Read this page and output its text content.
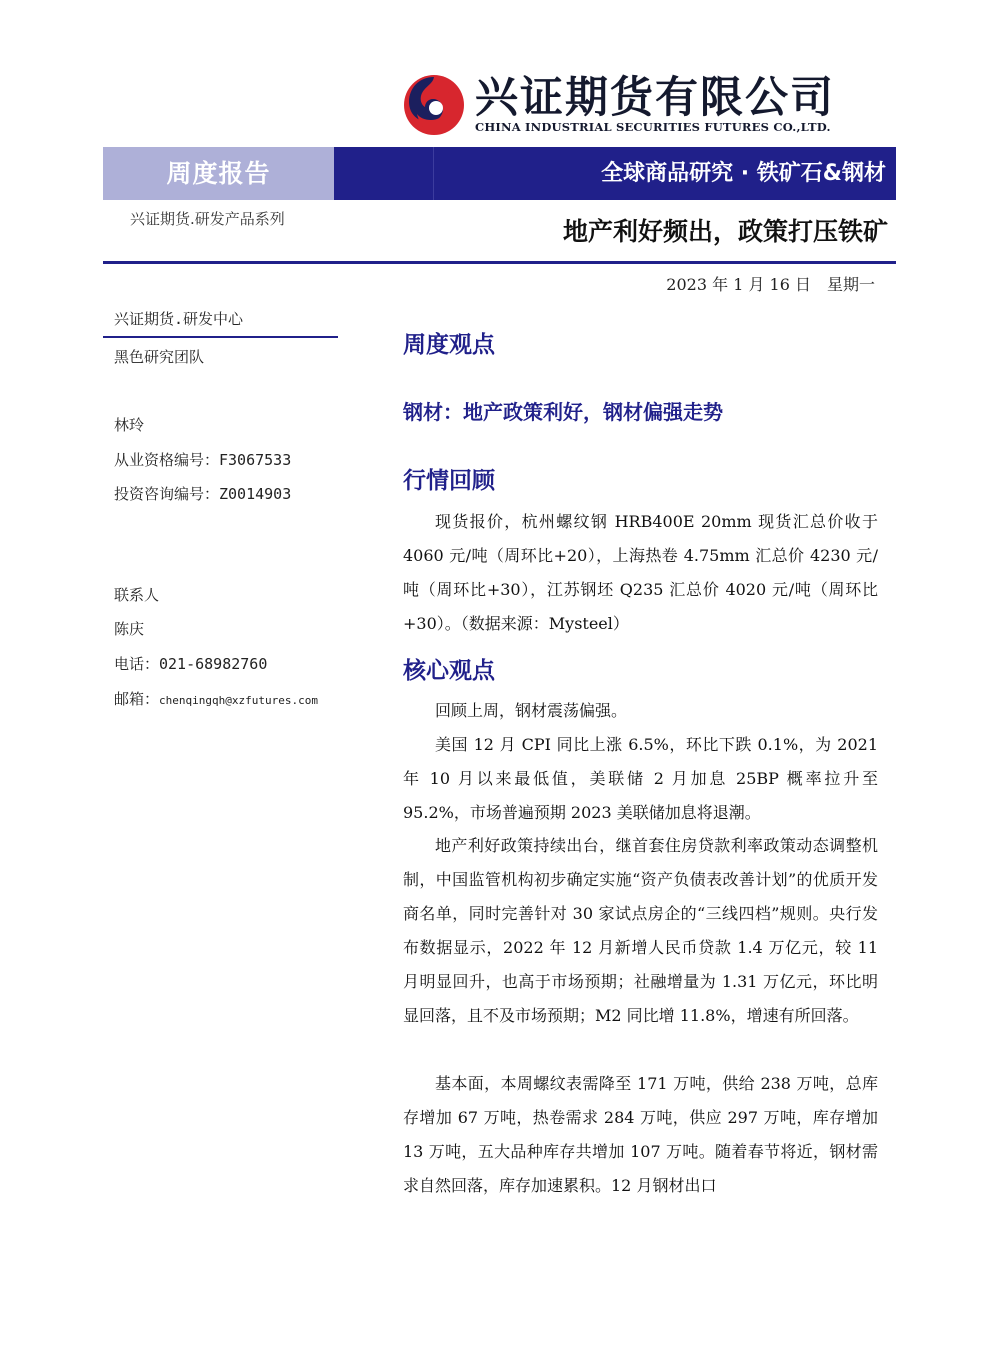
兴证期货有限公司
CHINA INDUSTRIAL SECURITIES FUTURES CO.,LTD.
周度报告	全球商品研究 · 铁矿石&钢材
兴证期货.研发产品系列	地产利好频出，政策打压铁矿
2023 年 1 月 16 日　星期一
兴证期货.研发中心
黑色研究团队
林玲
从业资格编号：F3067533
投资咨询编号：Z0014903
联系人
陈庆
电话：021-68982760
邮箱：chenqingqh@xzfutures.com
周度观点
钢材：地产政策利好，钢材偏强走势
行情回顾

现货报价，杭州螺纹钢 HRB400E 20mm 现货汇总价收于 4060 元/吨（周环比+20），上海热卷 4.75mm 汇总价 4230 元/吨（周环比+30），江苏钢坯 Q235 汇总价 4020 元/吨（周环比+30）。（数据来源：Mysteel）

核心观点

回顾上周，钢材震荡偏强。

美国 12 月 CPI 同比上涨 6.5%，环比下跌 0.1%，为 2021 年 10 月以来最低值，美联储 2 月加息 25BP 概率拉升至 95.2%，市场普遍预期 2023 美联储加息将退潮。

地产利好政策持续出台，继首套住房贷款利率政策动态调整机制，中国监管机构初步确定实施“资产负债表改善计划”的优质开发商名单，同时完善针对 30 家试点房企的“三线四档”规则。央行发布数据显示，2022 年 12 月新增人民币贷款 1.4 万亿元，较 11 月明显回升，也高于市场预期；社融增量为 1.31 万亿元，环比明显回落，且不及市场预期；M2 同比增 11.8%，增速有所回落。

基本面，本周螺纹表需降至 171 万吨，供给 238 万吨，总库存增加 67 万吨，热卷需求 284 万吨，供应 297 万吨，库存增加 13 万吨，五大品种库存共增加 107 万吨。随着春节将近，钢材需求自然回落，库存加速累积。12 月钢材出口
